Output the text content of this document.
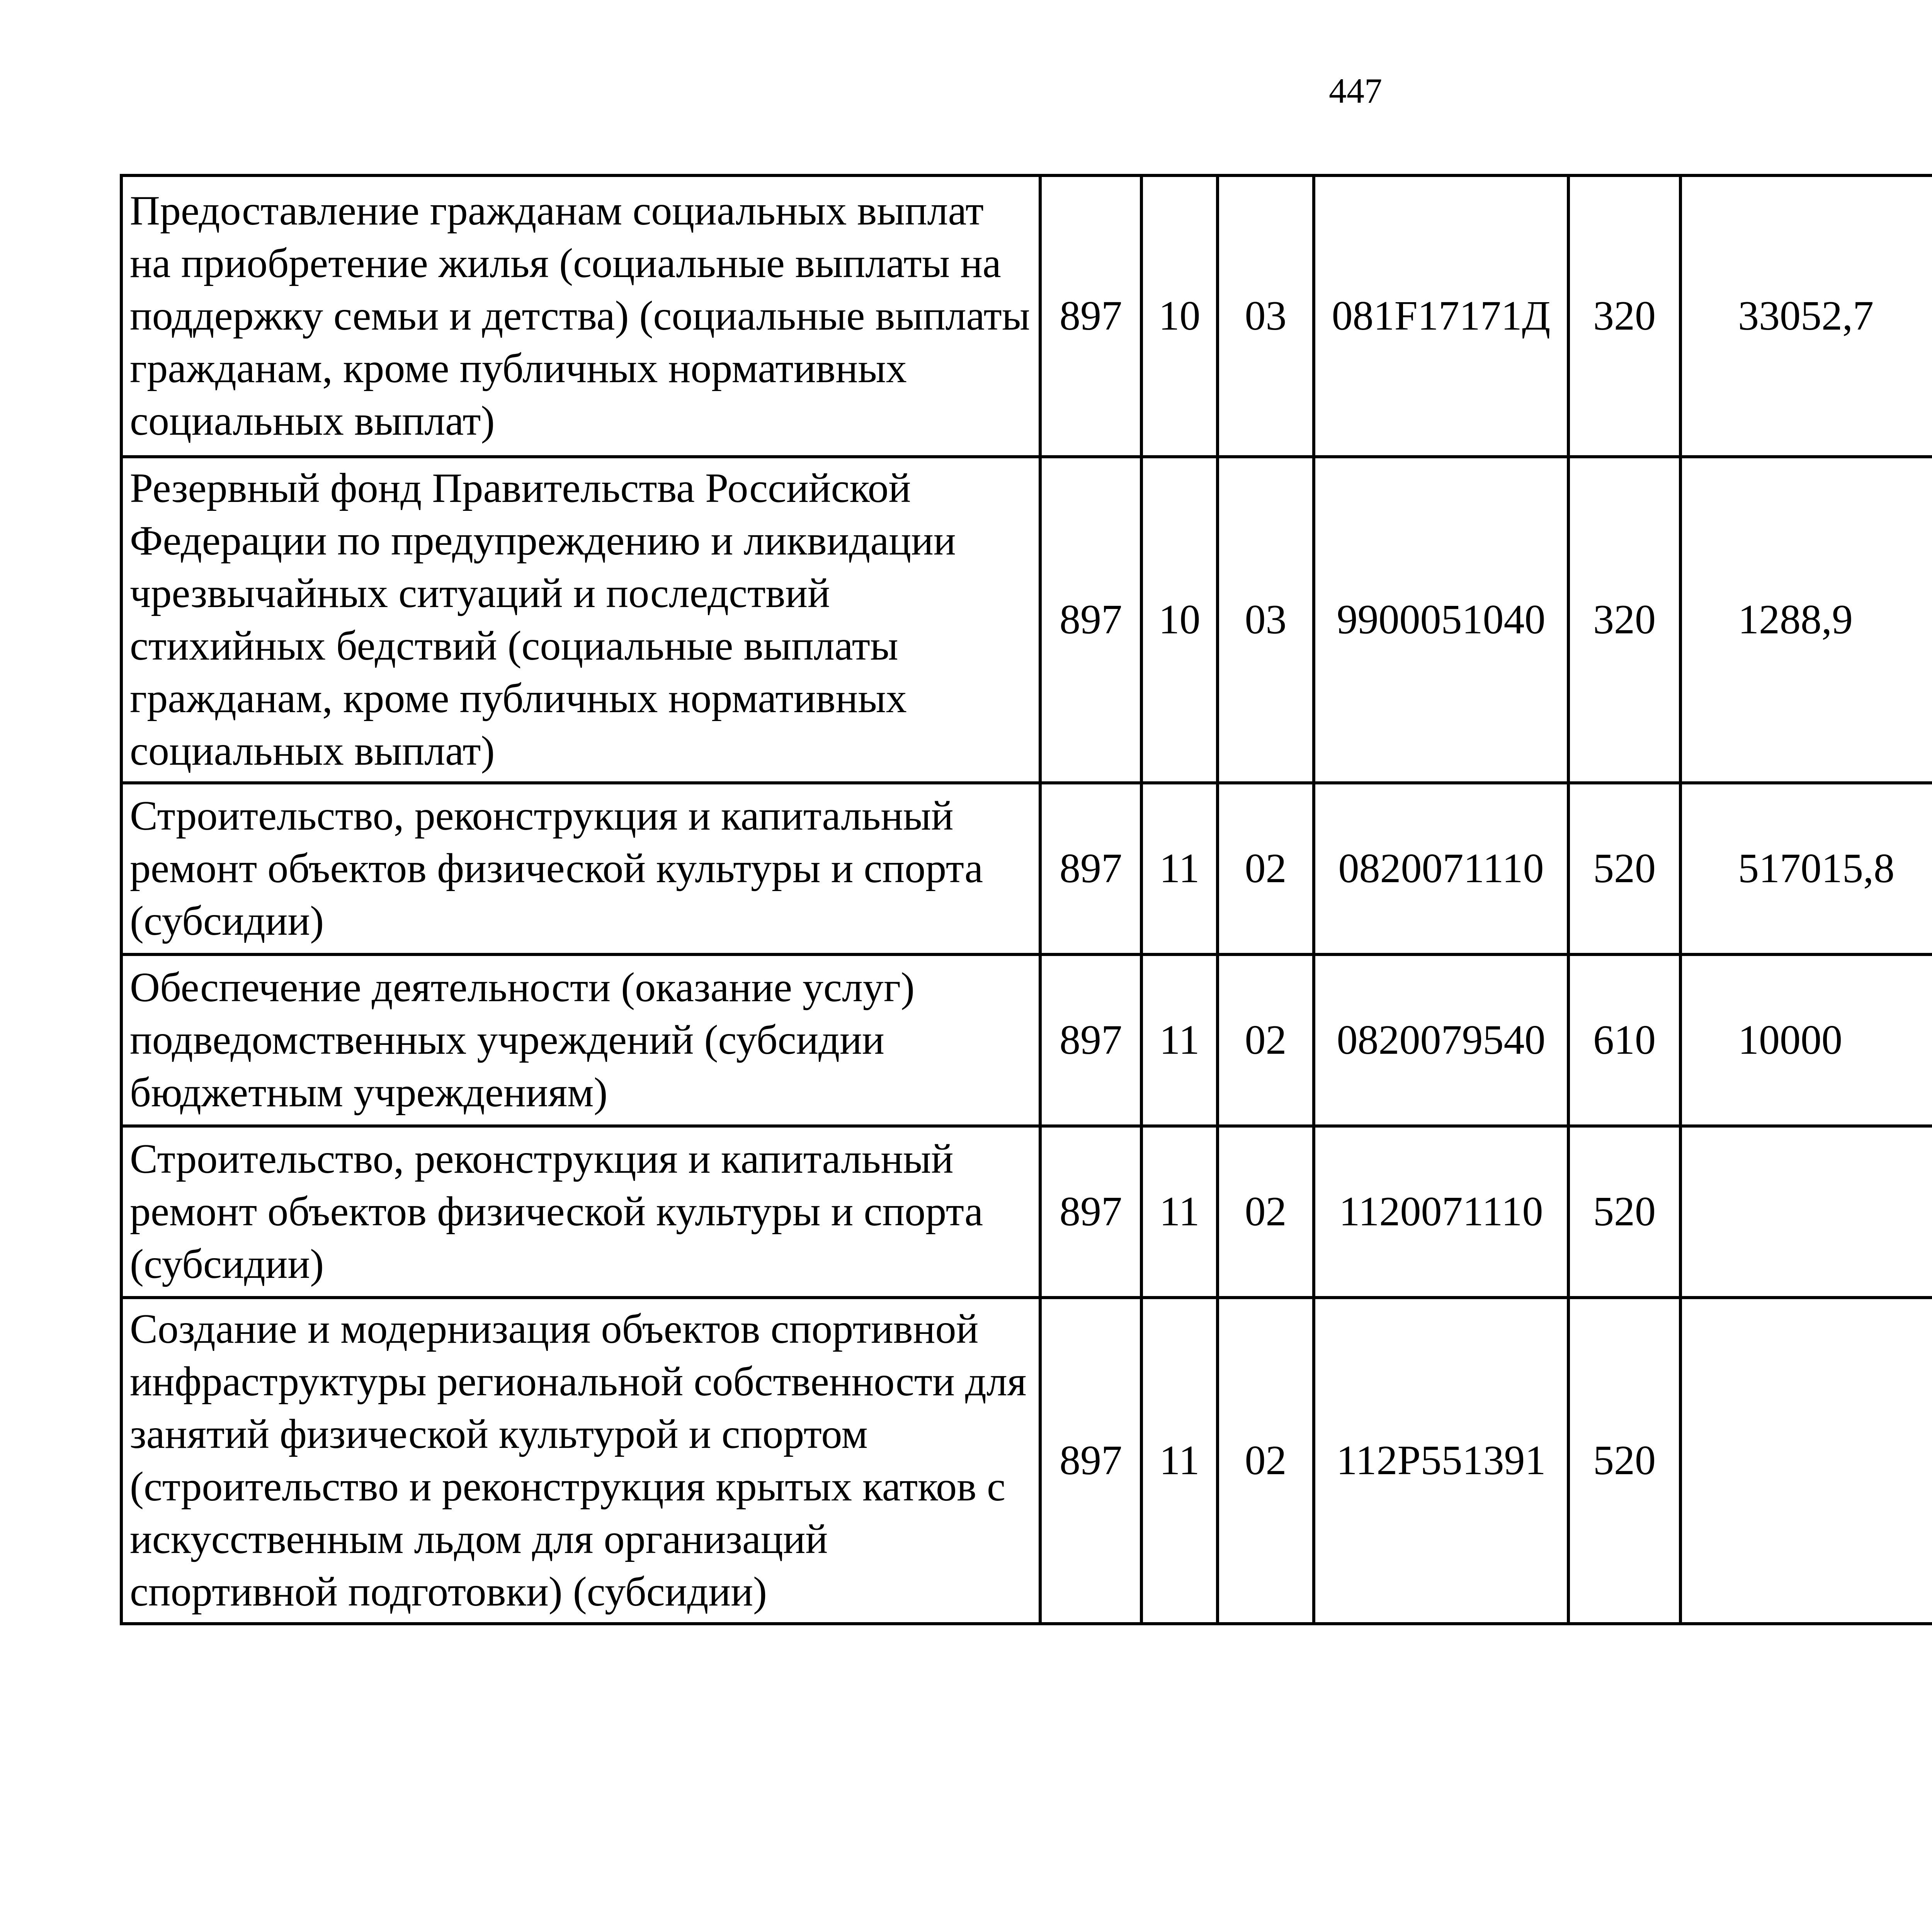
447
Предоставление гражданам социальных выплат на приобретение жилья (социальные выплаты на поддержку семьи и детства) (социальные выплаты гражданам, кроме публичных нормативных социальных выплат)	897	10	03	081F17171Д	320	33052,7		
Резервный фонд Правительства Российской Федерации по предупреждению и ликвидации чрезвычайных ситуаций и последствий стихийных бедствий (социальные выплаты гражданам, кроме публичных нормативных социальных выплат)	897	10	03	9900051040	320	1288,9		
Строительство, реконструкция и капитальный ремонт объектов физической культуры и спорта (субсидии)	897	11	02	0820071110	520	517015,8		
Обеспечение деятельности (оказание услуг) подведомственных учреждений (субсидии бюджетным учреждениям)	897	11	02	0820079540	610	10000		
Строительство, реконструкция и капитальный ремонт объектов физической культуры и спорта (субсидии)	897	11	02	1120071110	520			
Создание и модернизация объектов спортивной инфраструктуры региональной собственности для занятий физической культурой и спортом (строительство и реконструкция крытых катков с искусственным льдом для организаций спортивной подготовки) (субсидии)	897	11	02	112P551391	520			
